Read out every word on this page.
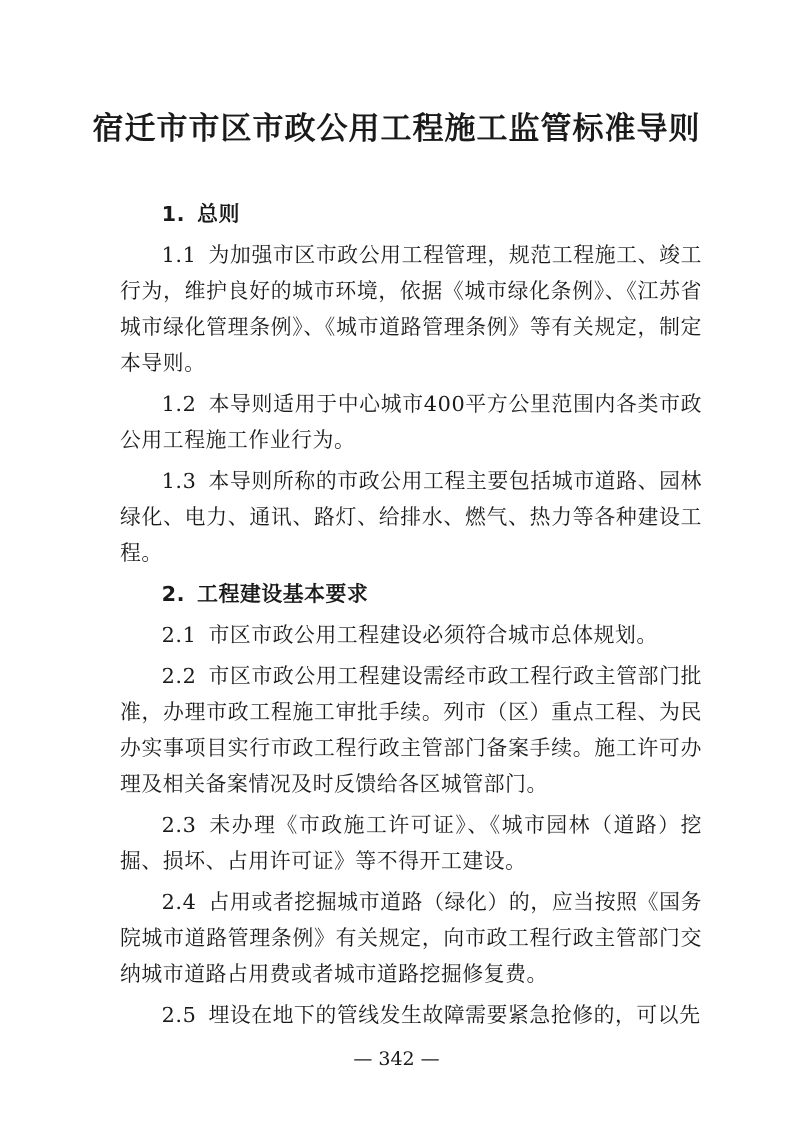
宿迁市市区市政公用工程施工监管标准导则

1. 总则

1.1 为加强市区市政公用工程管理，规范工程施工、竣工行为，维护良好的城市环境，依据《城市绿化条例》、《江苏省城市绿化管理条例》、《城市道路管理条例》等有关规定，制定本导则。

1.2 本导则适用于中心城市400平方公里范围内各类市政公用工程施工作业行为。

1.3 本导则所称的市政公用工程主要包括城市道路、园林绿化、电力、通讯、路灯、给排水、燃气、热力等各种建设工程。

2. 工程建设基本要求

2.1 市区市政公用工程建设必须符合城市总体规划。

2.2 市区市政公用工程建设需经市政工程行政主管部门批准，办理市政工程施工审批手续。列市（区）重点工程、为民办实事项目实行市政工程行政主管部门备案手续。施工许可办理及相关备案情况及时反馈给各区城管部门。

2.3 未办理《市政施工许可证》、《城市园林（道路）挖掘、损坏、占用许可证》等不得开工建设。

2.4 占用或者挖掘城市道路（绿化）的，应当按照《国务院城市道路管理条例》有关规定，向市政工程行政主管部门交纳城市道路占用费或者城市道路挖掘修复费。

2.5 埋设在地下的管线发生故障需要紧急抢修的，可以先

— 342 —
